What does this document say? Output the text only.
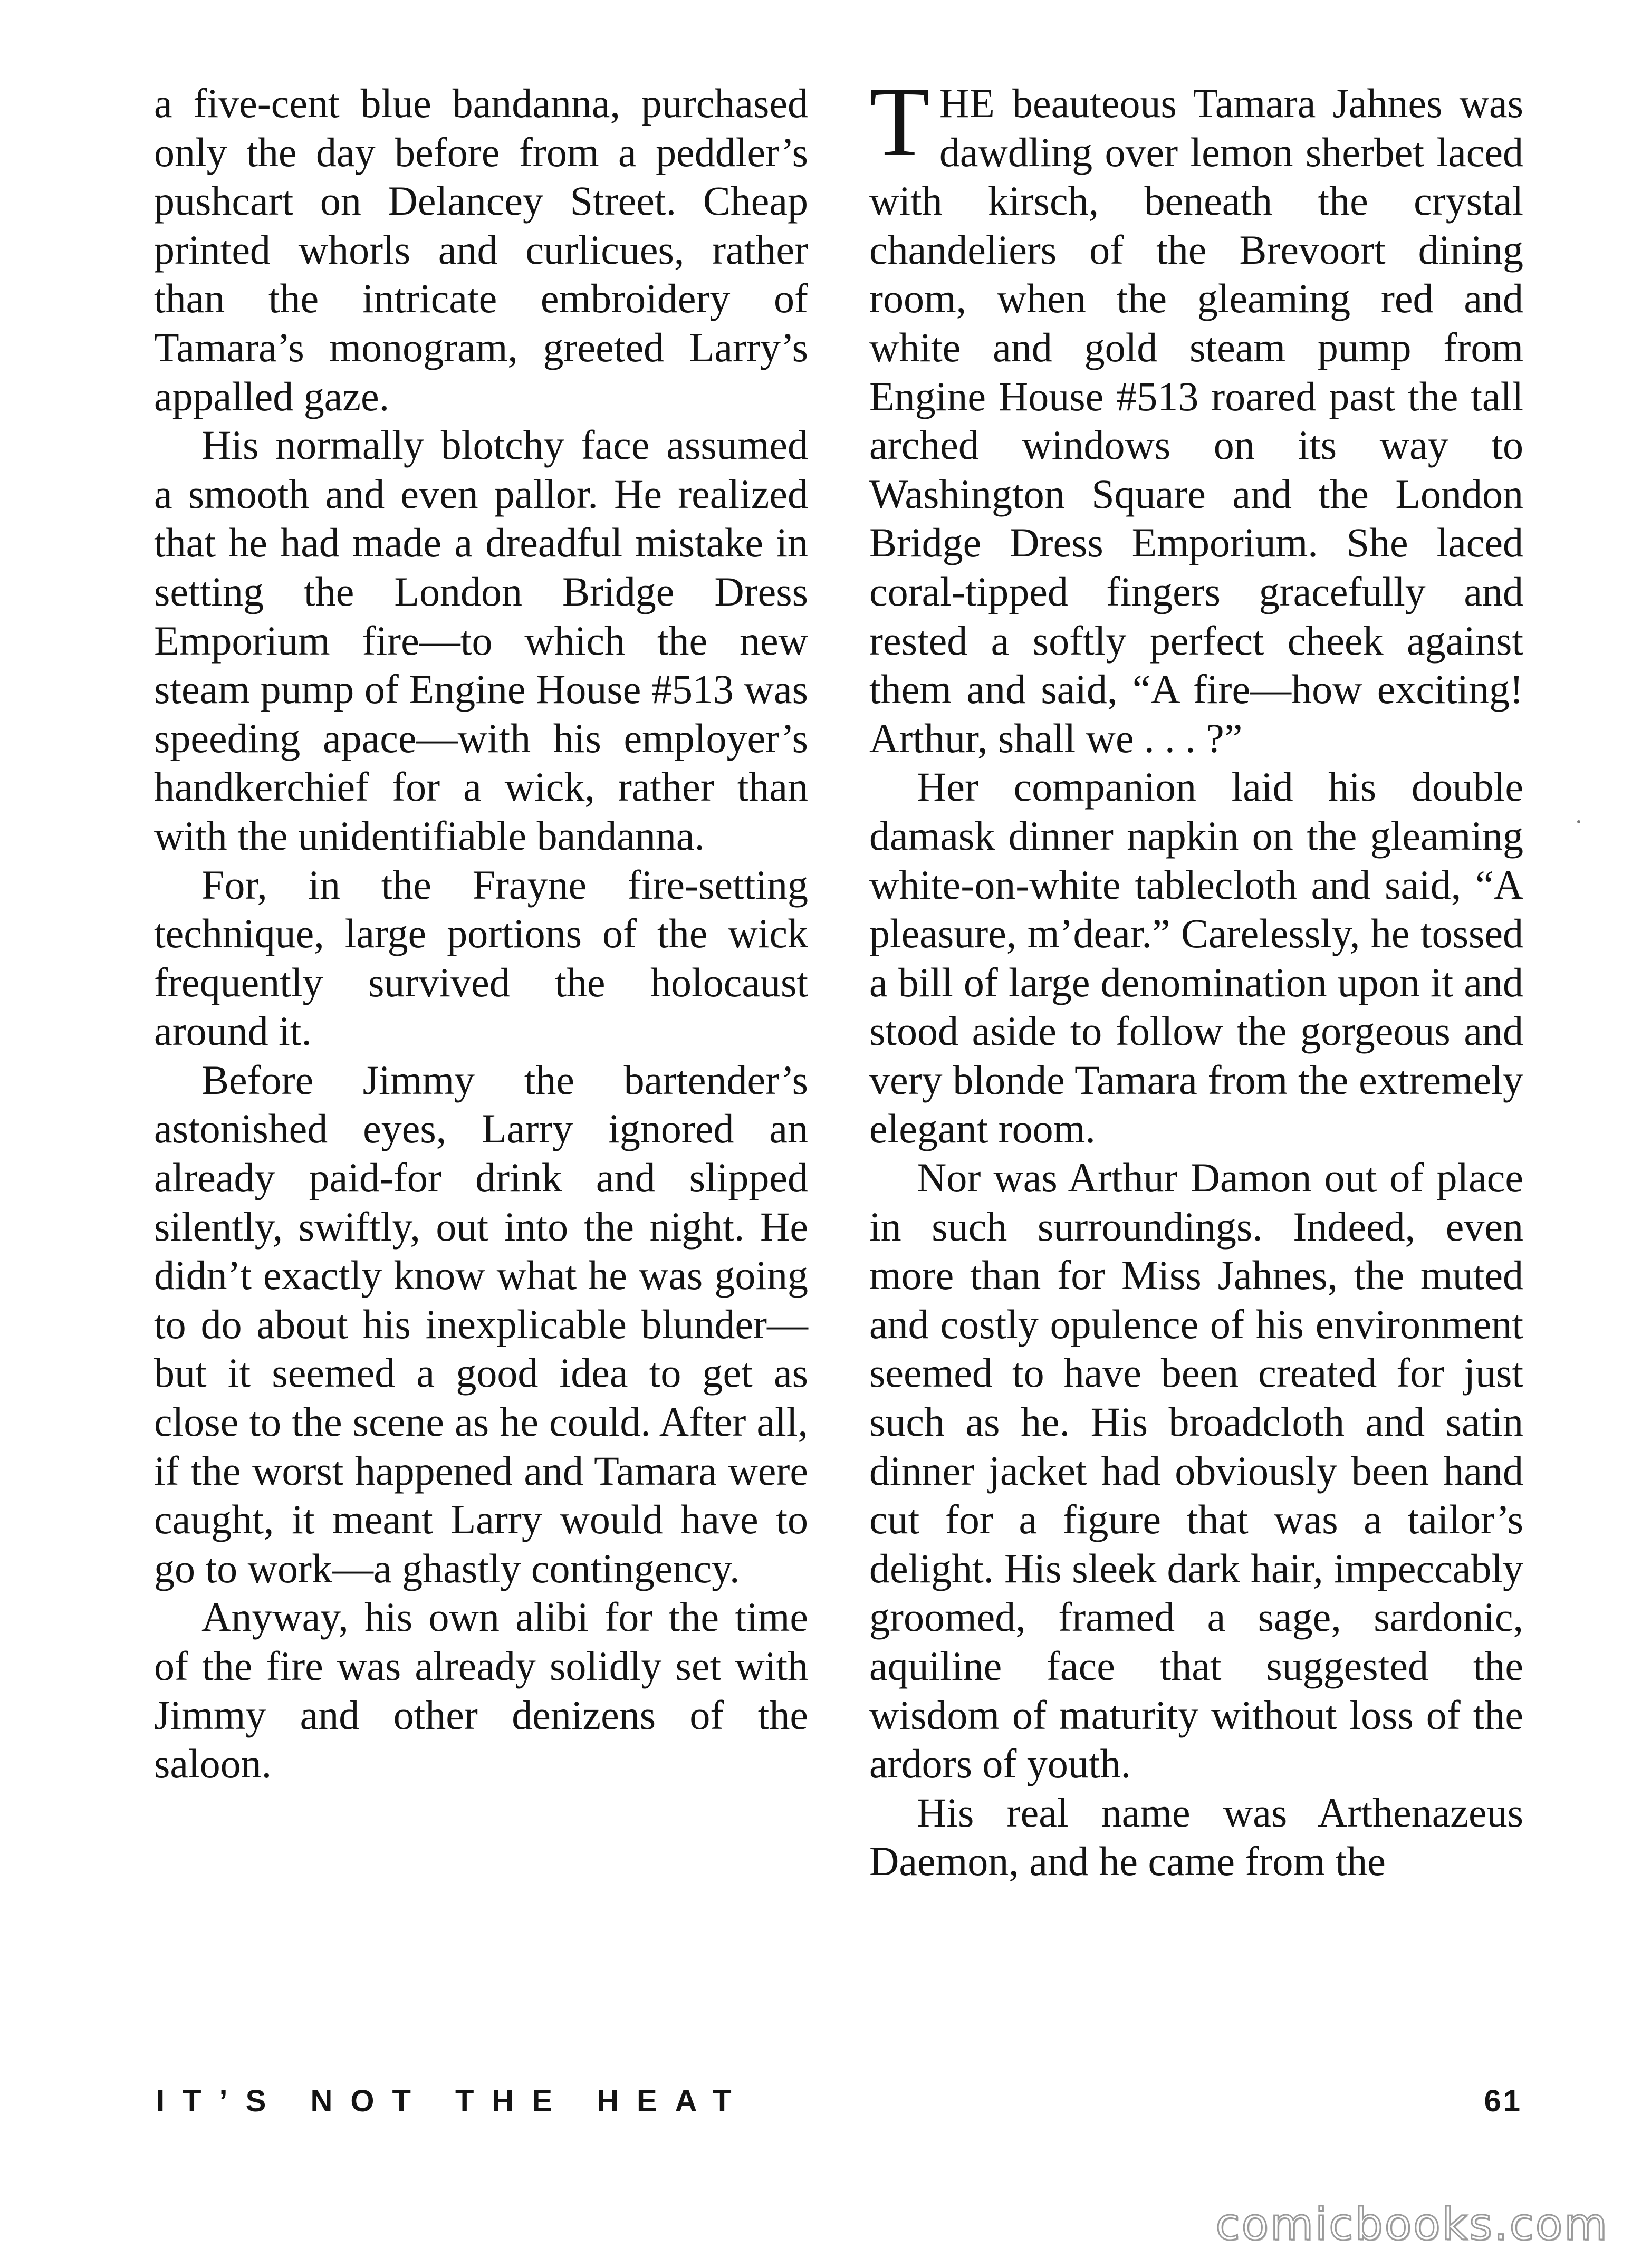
a five-cent blue bandanna, purchased only the day before from a peddler’s pushcart on Delancey Street. Cheap printed whorls and curlicues, rather than the intricate embroidery of Tamara’s monogram, greeted Larry’s appalled gaze.

His normally blotchy face assumed a smooth and even pallor. He realized that he had made a dreadful mistake in setting the London Bridge Dress Emporium fire—to which the new steam pump of Engine House #513 was speeding apace—with his employer’s handkerchief for a wick, rather than with the unidentifiable bandanna.

For, in the Frayne fire-setting technique, large portions of the wick frequently survived the holocaust around it.

Before Jimmy the bartender’s astonished eyes, Larry ignored an already paid-for drink and slipped silently, swiftly, out into the night. He didn’t exactly know what he was going to do about his inexplicable blunder—but it seemed a good idea to get as close to the scene as he could. After all, if the worst happened and Tamara were caught, it meant Larry would have to go to work—a ghastly contingency.

Anyway, his own alibi for the time of the fire was already solidly set with Jimmy and other denizens of the saloon.

THE beauteous Tamara Jahnes was dawdling over lemon sherbet laced with kirsch, beneath the crystal chandeliers of the Brevoort dining room, when the gleaming red and white and gold steam pump from Engine House #513 roared past the tall arched windows on its way to Washington Square and the London Bridge Dress Emporium. She laced coral-tipped fingers gracefully and rested a softly perfect cheek against them and said, “A fire—how exciting! Arthur, shall we . . . ?”

Her companion laid his double damask dinner napkin on the gleaming white-on-white tablecloth and said, “A pleasure, m’dear.” Carelessly, he tossed a bill of large denomination upon it and stood aside to follow the gorgeous and very blonde Tamara from the extremely elegant room.

Nor was Arthur Damon out of place in such surroundings. Indeed, even more than for Miss Jahnes, the muted and costly opulence of his environment seemed to have been created for just such as he. His broadcloth and satin dinner jacket had obviously been hand cut for a figure that was a tailor’s delight. His sleek dark hair, impeccably groomed, framed a sage, sardonic, aquiline face that suggested the wisdom of maturity without loss of the ardors of youth.

His real name was Arthenazeus Daemon, and he came from the

IT’S NOT THE HEAT	61
comicbooks.com
